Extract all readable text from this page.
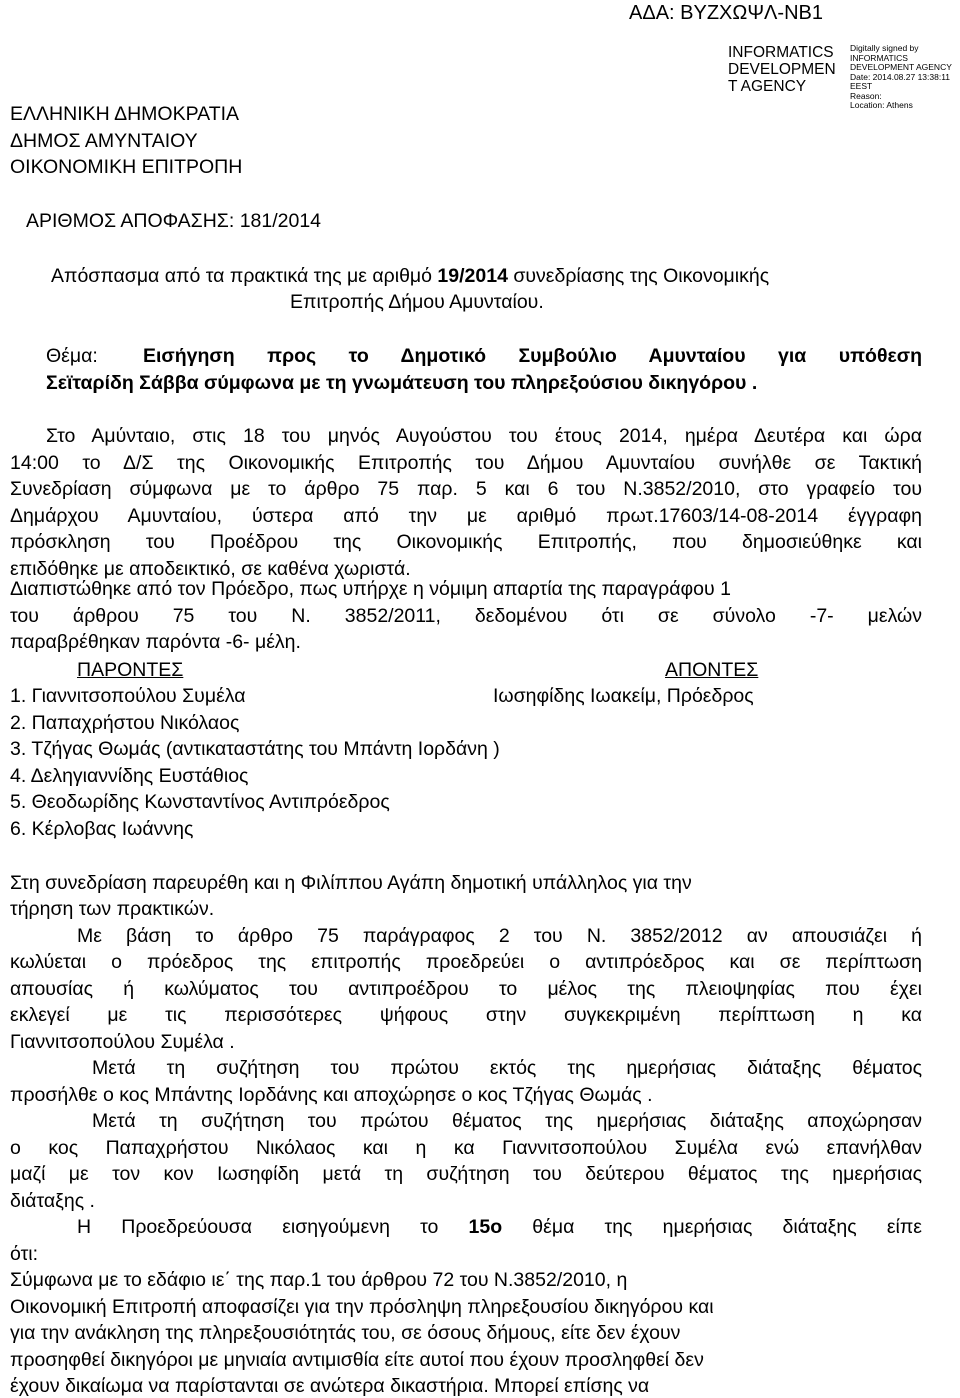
ΑΔΑ: ΒΥΖΧΩΨΛ-ΝΒ1
INFORMATICS DEVELOPMEN T AGENCY
Digitally signed by
INFORMATICS
DEVELOPMENT AGENCY
Date: 2014.08.27 13:38:11
EEST
Reason:
Location: Athens
ΕΛΛΗΝΙΚΗ ΔΗΜΟΚΡΑΤΙΑ
ΔΗΜΟΣ ΑΜΥΝΤΑΙΟΥ
ΟΙΚΟΝΟΜΙΚΗ ΕΠΙΤΡΟΠΗ
ΑΡΙΘΜΟΣ ΑΠΟΦΑΣΗΣ: 181/2014
Απόσπασμα από τα πρακτικά της με αριθμό 19/2014 συνεδρίασης της Οικονομικής
Επιτροπής Δήμου Αμυνταίου.
Θέμα: Εισήγηση προς το Δημοτικό Συμβούλιο Αμυνταίου για υπόθεση
Σεϊταρίδη Σάββα σύμφωνα με τη γνωμάτευση του πληρεξούσιου δικηγόρου .
Στο Αμύνταιο, στις 18 του μηνός Αυγούστου του έτους 2014, ημέρα Δευτέρα και ώρα
14:00 το Δ/Σ της Οικονομικής Επιτροπής του Δήμου Αμυνταίου συνήλθε σε Τακτική
Συνεδρίαση σύμφωνα με το άρθρο 75 παρ. 5 και 6 του Ν.3852/2010, στο γραφείο του
Δημάρχου Αμυνταίου, ύστερα από την με αριθμό πρωτ.17603/14-08-2014 έγγραφη
πρόσκληση του Προέδρου της Οικονομικής Επιτροπής, που δημοσιεύθηκε και
επιδόθηκε με αποδεικτικό, σε καθένα χωριστά.
Διαπιστώθηκε από τον Πρόεδρο, πως υπήρχε η νόμιμη απαρτία της παραγράφου 1
του άρθρου 75 του Ν. 3852/2011, δεδομένου ότι σε σύνολο -7- μελών
παραβρέθηκαν παρόντα -6- μέλη.
ΠΑΡΟΝΤΕΣ	ΑΠΟΝΤΕΣ
1. Γιαννιτσοπούλου Συμέλα	Ιωσηφίδης Ιωακείμ, Πρόεδρος
2. Παπαχρήστου Νικόλαος
3. Τζήγας Θωμάς (αντικαταστάτης του Μπάντη Ιορδάνη )
4. Δεληγιαννίδης Ευστάθιος
5. Θεοδωρίδης Κωνσταντίνος Αντιπρόεδρος
6. Κέρλοβας Ιωάννης
Στη συνεδρίαση παρευρέθη και η Φιλίππου Αγάπη δημοτική υπάλληλος για την
τήρηση των πρακτικών.
Με βάση το άρθρο 75 παράγραφος 2 του Ν. 3852/2012 αν απουσιάζει ή
κωλύεται ο πρόεδρος της επιτροπής προεδρεύει ο αντιπρόεδρος και σε περίπτωση
απουσίας ή κωλύματος του αντιπροέδρου το μέλος της πλειοψηφίας που έχει
εκλεγεί με τις περισσότερες ψήφους στην συγκεκριμένη περίπτωση η κα
Γιαννιτσοπούλου Συμέλα .
Μετά τη συζήτηση του πρώτου εκτός της ημερήσιας διάταξης θέματος
προσήλθε ο κος Μπάντης Ιορδάνης και αποχώρησε ο κος Τζήγας Θωμάς .
Μετά τη συζήτηση του πρώτου θέματος της ημερήσιας διάταξης αποχώρησαν
ο κος Παπαχρήστου Νικόλαος και η κα Γιαννιτσοπούλου Συμέλα ενώ επανήλθαν
μαζί με τον κον Ιωσηφίδη μετά τη συζήτηση του δεύτερου θέματος της ημερήσιας
διάταξης .
Η Προεδρεύουσα εισηγούμενη το 15ο θέμα της ημερήσιας διάταξης είπε
ότι:
Σύμφωνα με το εδάφιο ιε΄ της παρ.1 του άρθρου 72 του Ν.3852/2010, η
Οικονομική Επιτροπή αποφασίζει για την πρόσληψη πληρεξουσίου δικηγόρου και
για την ανάκληση της πληρεξουσιότητάς του, σε όσους δήμους, είτε δεν έχουν
προσηφθεί δικηγόροι με μηνιαία αντιμισθία είτε αυτοί που έχουν προσληφθεί δεν
έχουν δικαίωμα να παρίστανται σε ανώτερα δικαστήρια. Μπορεί επίσης να
